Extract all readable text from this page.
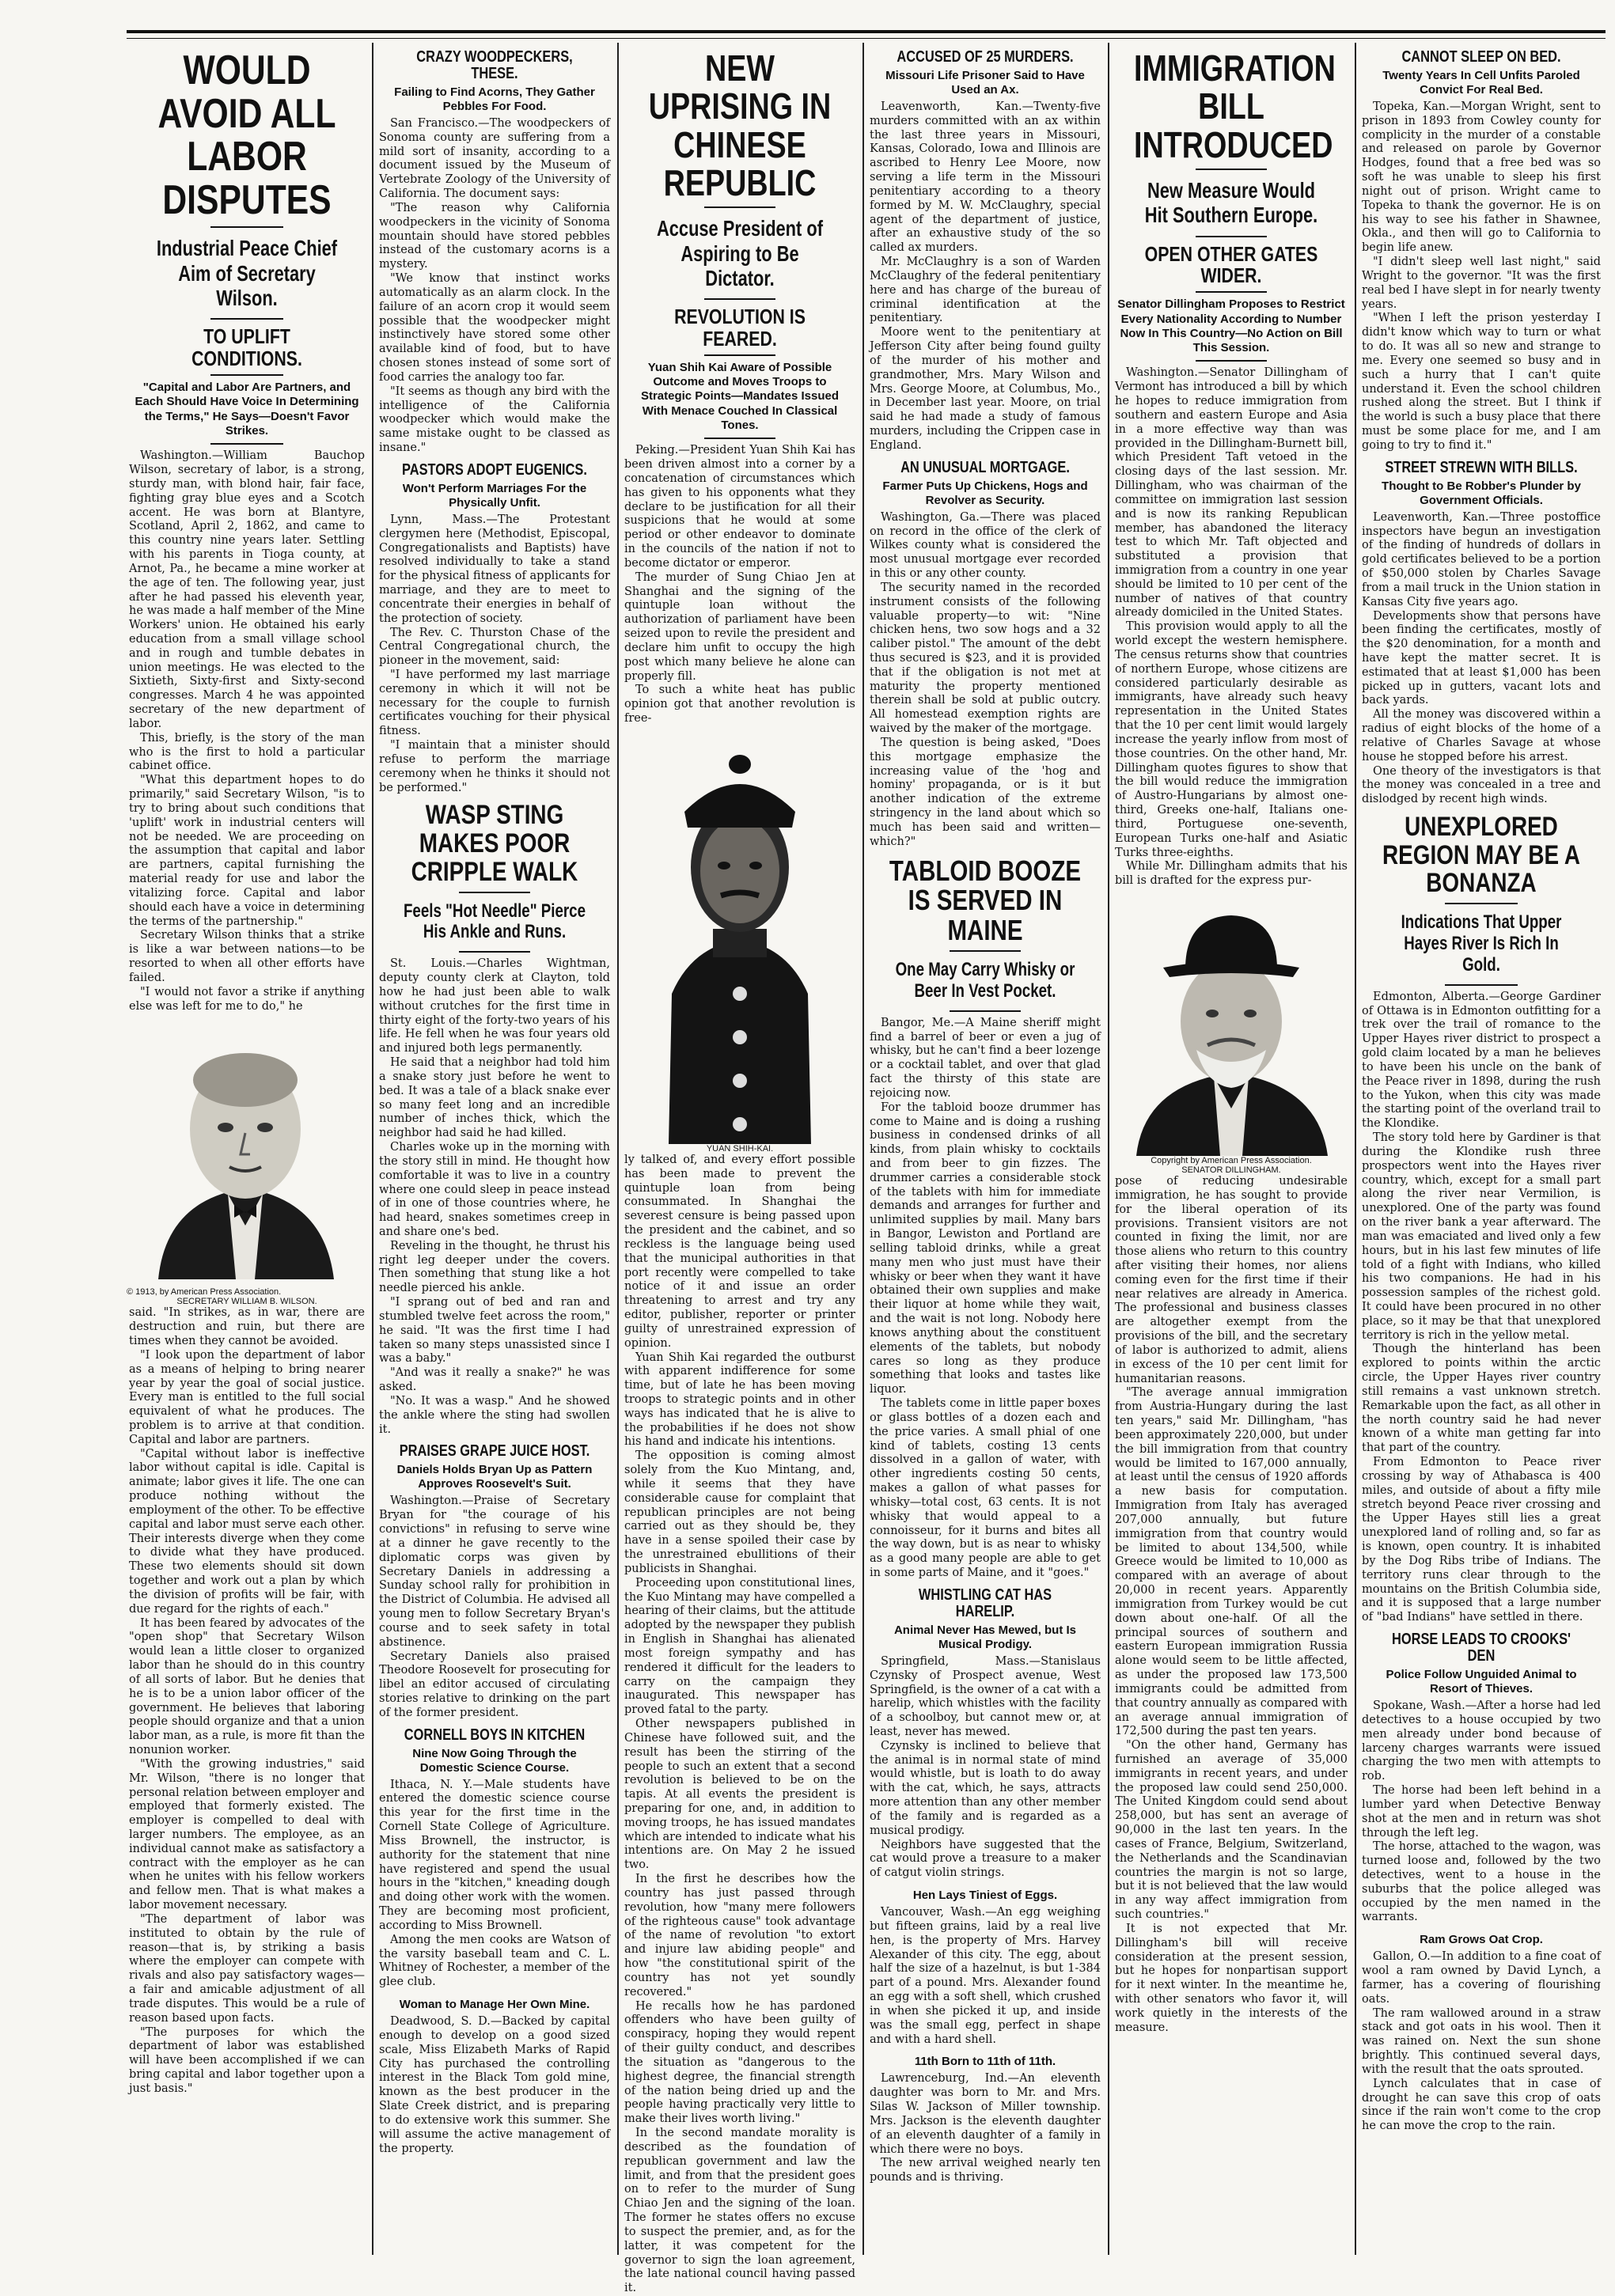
WOULD AVOID ALL LABOR DISPUTES
Industrial Peace Chief Aim of Secretary Wilson.
TO UPLIFT CONDITIONS.
"Capital and Labor Are Partners, and Each Should Have Voice In Determining the Terms," He Says—Doesn't Favor Strikes.

Washington.—William Bauchop Wilson, secretary of labor, is a strong, sturdy man, with blond hair, fair face, fighting gray blue eyes and a Scotch accent. He was born at Blantyre, Scotland, April 2, 1862, and came to this country nine years later. Settling with his parents in Tioga county, at Arnot, Pa., he became a mine worker at the age of ten. The following year, just after he had passed his eleventh year, he was made a half member of the Mine Workers' union. He obtained his early education from a small village school and in rough and tumble debates in union meetings. He was elected to the Sixtieth, Sixty-first and Sixty-second congresses. March 4 he was appointed secretary of the new department of labor.

This, briefly, is the story of the man who is the first to hold a particular cabinet office.

"What this department hopes to do primarily," said Secretary Wilson, "is to try to bring about such conditions that 'uplift' work in industrial centers will not be needed. We are proceeding on the assumption that capital and labor are partners, capital furnishing the material ready for use and labor the vitalizing force. Capital and labor should each have a voice in determining the terms of the partnership."

Secretary Wilson thinks that a strike is like a war between nations—to be resorted to when all other efforts have failed.

"I would not favor a strike if anything else was left for me to do," he

© 1913, by American Press Association.
SECRETARY WILLIAM B. WILSON.

said. "In strikes, as in war, there are destruction and ruin, but there are times when they cannot be avoided.

"I look upon the department of labor as a means of helping to bring nearer year by year the goal of social justice. Every man is entitled to the full social equivalent of what he produces. The problem is to arrive at that condition. Capital and labor are partners.

"Capital without labor is ineffective labor without capital is idle. Capital is animate; labor gives it life. The one can produce nothing without the employment of the other. To be effective capital and labor must serve each other. Their interests diverge when they come to divide what they have produced. These two elements should sit down together and work out a plan by which the division of profits will be fair, with due regard for the rights of each."

It has been feared by advocates of the "open shop" that Secretary Wilson would lean a little closer to organized labor than he should do in this country of all sorts of labor. But he denies that he is to be a union labor officer of the government. He believes that laboring people should organize and that a union labor man, as a rule, is more fit than the nonunion worker.

"With the growing industries," said Mr. Wilson, "there is no longer that personal relation between employer and employed that formerly existed. The employer is compelled to deal with larger numbers. The employee, as an individual cannot make as satisfactory a contract with the employer as he can when he unites with his fellow workers and fellow men. That is what makes a labor movement necessary.

"The department of labor was instituted to obtain by the rule of reason—that is, by striking a basis where the employer can compete with rivals and also pay satisfactory wages—a fair and amicable adjustment of all trade disputes. This would be a rule of reason based upon facts.

"The purposes for which the department of labor was established will have been accomplished if we can bring capital and labor together upon a just basis."

CRAZY WOODPECKERS, THESE.
Failing to Find Acorns, They Gather Pebbles For Food.

San Francisco.—The woodpeckers of Sonoma county are suffering from a mild sort of insanity, according to a document issued by the Museum of Vertebrate Zoology of the University of California. The document says:

"The reason why California woodpeckers in the vicinity of Sonoma mountain should have stored pebbles instead of the customary acorns is a mystery.

"We know that instinct works automatically as an alarm clock. In the failure of an acorn crop it would seem possible that the woodpecker might instinctively have stored some other available kind of food, but to have chosen stones instead of some sort of food carries the analogy too far.

"It seems as though any bird with the intelligence of the California woodpecker which would make the same mistake ought to be classed as insane."

PASTORS ADOPT EUGENICS.
Won't Perform Marriages For the Physically Unfit.

Lynn, Mass.—The Protestant clergymen here (Methodist, Episcopal, Congregationalists and Baptists) have resolved individually to take a stand for the physical fitness of applicants for marriage, and they are to meet to concentrate their energies in behalf of the protection of society.

The Rev. C. Thurston Chase of the Central Congregational church, the pioneer in the movement, said:

"I have performed my last marriage ceremony in which it will not be necessary for the couple to furnish certificates vouching for their physical fitness.

"I maintain that a minister should refuse to perform the marriage ceremony when he thinks it should not be performed."

WASP STING MAKES POOR CRIPPLE WALK
Feels "Hot Needle" Pierce His Ankle and Runs.

St. Louis.—Charles Wightman, deputy county clerk at Clayton, told how he had just been able to walk without crutches for the first time in thirty eight of the forty-two years of his life. He fell when he was four years old and injured both legs permanently.

He said that a neighbor had told him a snake story just before he went to bed. It was a tale of a black snake ever so many feet long and an incredible number of inches thick, which the neighbor had said he had killed.

Charles woke up in the morning with the story still in mind. He thought how comfortable it was to live in a country where one could sleep in peace instead of in one of those countries where, he had heard, snakes sometimes creep in and share one's bed.

Reveling in the thought, he thrust his right leg deeper under the covers. Then something that stung like a hot needle pierced his ankle.

"I sprang out of bed and ran and stumbled twelve feet across the room," he said. "It was the first time I had taken so many steps unassisted since I was a baby."

"And was it really a snake?" he was asked.

"No. It was a wasp." And he showed the ankle where the sting had swollen it.

PRAISES GRAPE JUICE HOST.
Daniels Holds Bryan Up as Pattern Approves Roosevelt's Suit.

Washington.—Praise of Secretary Bryan for "the courage of his convictions" in refusing to serve wine at a dinner he gave recently to the diplomatic corps was given by Secretary Daniels in addressing a Sunday school rally for prohibition in the District of Columbia. He advised all young men to follow Secretary Bryan's course and to seek safety in total abstinence.

Secretary Daniels also praised Theodore Roosevelt for prosecuting for libel an editor accused of circulating stories relative to drinking on the part of the former president.

CORNELL BOYS IN KITCHEN
Nine Now Going Through the Domestic Science Course.

Ithaca, N. Y.—Male students have entered the domestic science course this year for the first time in the Cornell State College of Agriculture. Miss Brownell, the instructor, is authority for the statement that nine have registered and spend the usual hours in the "kitchen," kneading dough and doing other work with the women. They are becoming most proficient, according to Miss Brownell.

Among the men cooks are Watson of the varsity baseball team and C. L. Whitney of Rochester, a member of the glee club.

Woman to Manage Her Own Mine.

Deadwood, S. D.—Backed by capital enough to develop on a good sized scale, Miss Elizabeth Marks of Rapid City has purchased the controlling interest in the Black Tom gold mine, known as the best producer in the Slate Creek district, and is preparing to do extensive work this summer. She will assume the active management of the property.

NEW UPRISING IN CHINESE REPUBLIC
Accuse President of Aspiring to Be Dictator.
REVOLUTION IS FEARED.
Yuan Shih Kai Aware of Possible Outcome and Moves Troops to Strategic Points—Mandates Issued With Menace Couched In Classical Tones.

Peking.—President Yuan Shih Kai has been driven almost into a corner by a concatenation of circumstances which has given to his opponents what they declare to be justification for all their suspicions that he would at some period or other endeavor to dominate in the councils of the nation if not to become dictator or emperor.

The murder of Sung Chiao Jen at Shanghai and the signing of the quintuple loan without the authorization of parliament have been seized upon to revile the president and declare him unfit to occupy the high post which many believe he alone can properly fill.

To such a white heat has public opinion got that another revolution is free-

YUAN SHIH-KAI.

ly talked of, and every effort possible has been made to prevent the quintuple loan from being consummated. In Shanghai the severest censure is being passed upon the president and the cabinet, and so reckless is the language being used that the municipal authorities in that port recently were compelled to take notice of it and issue an order threatening to arrest and try any editor, publisher, reporter or printer guilty of unrestrained expression of opinion.

Yuan Shih Kai regarded the outburst with apparent indifference for some time, but of late he has been moving troops to strategic points and in other ways has indicated that he is alive to the probabilities if he does not show his hand and indicate his intentions.

The opposition is coming almost solely from the Kuo Mintang, and, while it seems that they have considerable cause for complaint that republican principles are not being carried out as they should be, they have in a sense spoiled their case by the unrestrained ebullitions of their publicists in Shanghai.

Proceeding upon constitutional lines, the Kuo Mintang may have compelled a hearing of their claims, but the attitude adopted by the newspaper they publish in English in Shanghai has alienated most foreign sympathy and has rendered it difficult for the leaders to carry on the campaign they inaugurated. This newspaper has proved fatal to the party.

Other newspapers published in Chinese have followed suit, and the result has been the stirring of the people to such an extent that a second revolution is believed to be on the tapis. At all events the president is preparing for one, and, in addition to moving troops, he has issued mandates which are intended to indicate what his intentions are. On May 2 he issued two.

In the first he describes how the country has just passed through revolution, how "many mere followers of the righteous cause" took advantage of the name of revolution "to extort and injure law abiding people" and how "the constitutional spirit of the country has not yet soundly recovered."

He recalls how he has pardoned offenders who have been guilty of conspiracy, hoping they would repent of their guilty conduct, and describes the situation as "dangerous to the highest degree, the financial strength of the nation being dried up and the people having practically very little to make their lives worth living."

In the second mandate morality is described as the foundation of republican government and law the limit, and from that the president goes on to refer to the murder of Sung Chiao Jen and the signing of the loan. The former he states offers no excuse to suspect the premier, and, as for the latter, it was competent for the governor to sign the loan agreement, the late national council having passed it.

ACCUSED OF 25 MURDERS.
Missouri Life Prisoner Said to Have Used an Ax.

Leavenworth, Kan.—Twenty-five murders committed with an ax within the last three years in Missouri, Kansas, Colorado, Iowa and Illinois are ascribed to Henry Lee Moore, now serving a life term in the Missouri penitentiary according to a theory formed by M. W. McClaughry, special agent of the department of justice, after an exhaustive study of the so called ax murders.

Mr. McClaughry is a son of Warden McClaughry of the federal penitentiary here and has charge of the bureau of criminal identification at the penitentiary.

Moore went to the penitentiary at Jefferson City after being found guilty of the murder of his mother and grandmother, Mrs. Mary Wilson and Mrs. George Moore, at Columbus, Mo., in December last year. Moore, on trial said he had made a study of famous murders, including the Crippen case in England.

AN UNUSUAL MORTGAGE.
Farmer Puts Up Chickens, Hogs and Revolver as Security.

Washington, Ga.—There was placed on record in the office of the clerk of Wilkes county what is considered the most unusual mortgage ever recorded in this or any other county.

The security named in the recorded instrument consists of the following valuable property—to wit: "Nine chicken hens, two sow hogs and a 32 caliber pistol." The amount of the debt thus secured is $23, and it is provided that if the obligation is not met at maturity the property mentioned therein shall be sold at public outcry. All homestead exemption rights are waived by the maker of the mortgage.

The question is being asked, "Does this mortgage emphasize the increasing value of the 'hog and hominy' propaganda, or is it but another indication of the extreme stringency in the land about which so much has been said and written—which?"

TABLOID BOOZE IS SERVED IN MAINE
One May Carry Whisky or Beer In Vest Pocket.

Bangor, Me.—A Maine sheriff might find a barrel of beer or even a jug of whisky, but he can't find a beer lozenge or a cocktail tablet, and over that glad fact the thirsty of this state are rejoicing now.

For the tabloid booze drummer has come to Maine and is doing a rushing business in condensed drinks of all kinds, from plain whisky to cocktails and from beer to gin fizzes. The drummer carries a considerable stock of the tablets with him for immediate demands and arranges for further and unlimited supplies by mail. Many bars in Bangor, Lewiston and Portland are selling tabloid drinks, while a great many men who just must have their whisky or beer when they want it have obtained their own supplies and make their liquor at home while they wait, and the wait is not long. Nobody here knows anything about the constituent elements of the tablets, but nobody cares so long as they produce something that looks and tastes like liquor.

The tablets come in little paper boxes or glass bottles of a dozen each and the price varies. A small phial of one kind of tablets, costing 13 cents dissolved in a gallon of water, with other ingredients costing 50 cents, makes a gallon of what passes for whisky—total cost, 63 cents. It is not whisky that would appeal to a connoisseur, for it burns and bites all the way down, but is as near to whisky as a good many people are able to get in some parts of Maine, and it "goes."

WHISTLING CAT HAS HARELIP.
Animal Never Has Mewed, but Is Musical Prodigy.

Springfield, Mass.—Stanislaus Czynsky of Prospect avenue, West Springfield, is the owner of a cat with a harelip, which whistles with the facility of a schoolboy, but cannot mew or, at least, never has mewed.

Czynsky is inclined to believe that the animal is in normal state of mind would whistle, but is loath to do away with the cat, which, he says, attracts more attention than any other member of the family and is regarded as a musical prodigy.

Neighbors have suggested that the cat would prove a treasure to a maker of catgut violin strings.

Hen Lays Tiniest of Eggs.

Vancouver, Wash.—An egg weighing but fifteen grains, laid by a real live hen, is the property of Mrs. Harvey Alexander of this city. The egg, about half the size of a hazelnut, is but 1-384 part of a pound. Mrs. Alexander found an egg with a soft shell, which crushed in when she picked it up, and inside was the small egg, perfect in shape and with a hard shell.

11th Born to 11th of 11th.

Lawrenceburg, Ind.—An eleventh daughter was born to Mr. and Mrs. Silas W. Jackson of Miller township. Mrs. Jackson is the eleventh daughter of an eleventh daughter of a family in which there were no boys.

The new arrival weighed nearly ten pounds and is thriving.

IMMIGRATION BILL INTRODUCED
New Measure Would Hit Southern Europe.
OPEN OTHER GATES WIDER.
Senator Dillingham Proposes to Restrict Every Nationality According to Number Now In This Country—No Action on Bill This Session.

Washington.—Senator Dillingham of Vermont has introduced a bill by which he hopes to reduce immigration from southern and eastern Europe and Asia in a more effective way than was provided in the Dillingham-Burnett bill, which President Taft vetoed in the closing days of the last session. Mr. Dillingham, who was chairman of the committee on immigration last session and is now its ranking Republican member, has abandoned the literacy test to which Mr. Taft objected and substituted a provision that immigration from a country in one year should be limited to 10 per cent of the number of natives of that country already domiciled in the United States.

This provision would apply to all the world except the western hemisphere. The census returns show that countries of northern Europe, whose citizens are considered particularly desirable as immigrants, have already such heavy representation in the United States that the 10 per cent limit would largely increase the yearly inflow from most of those countries. On the other hand, Mr. Dillingham quotes figures to show that the bill would reduce the immigration of Austro-Hungarians by almost one-third, Greeks one-half, Italians one-third, Portuguese one-seventh, European Turks one-half and Asiatic Turks three-eighths.

While Mr. Dillingham admits that his bill is drafted for the express pur-

Copyright by American Press Association.
SENATOR DILLINGHAM.

pose of reducing undesirable immigration, he has sought to provide for the liberal operation of its provisions. Transient visitors are not counted in fixing the limit, nor are those aliens who return to this country after visiting their homes, nor aliens coming even for the first time if their near relatives are already in America. The professional and business classes are altogether exempt from the provisions of the bill, and the secretary of labor is authorized to admit, aliens in excess of the 10 per cent limit for humanitarian reasons.

"The average annual immigration from Austria-Hungary during the last ten years," said Mr. Dillingham, "has been approximately 220,000, but under the bill immigration from that country would be limited to 167,000 annually, at least until the census of 1920 affords a new basis for computation. Immigration from Italy has averaged 207,000 annually, but future immigration from that country would be limited to about 134,500, while Greece would be limited to 10,000 as compared with an average of about 20,000 in recent years. Apparently immigration from Turkey would be cut down about one-half. Of all the principal sources of southern and eastern European immigration Russia alone would seem to be little affected, as under the proposed law 173,500 immigrants could be admitted from that country annually as compared with an average annual immigration of 172,500 during the past ten years.

"On the other hand, Germany has furnished an average of 35,000 immigrants in recent years, and under the proposed law could send 250,000. The United Kingdom could send about 258,000, but has sent an average of 90,000 in the last ten years. In the cases of France, Belgium, Switzerland, the Netherlands and the Scandinavian countries the margin is not so large, but it is not believed that the law would in any way affect immigration from such countries."

It is not expected that Mr. Dillingham's bill will receive consideration at the present session, but he hopes for nonpartisan support for it next winter. In the meantime he, with other senators who favor it, will work quietly in the interests of the measure.

CANNOT SLEEP ON BED.
Twenty Years In Cell Unfits Paroled Convict For Real Bed.

Topeka, Kan.—Morgan Wright, sent to prison in 1893 from Cowley county for complicity in the murder of a constable and released on parole by Governor Hodges, found that a free bed was so soft he was unable to sleep his first night out of prison. Wright came to Topeka to thank the governor. He is on his way to see his father in Shawnee, Okla., and then will go to California to begin life anew.

"I didn't sleep well last night," said Wright to the governor. "It was the first real bed I have slept in for nearly twenty years.

"When I left the prison yesterday I didn't know which way to turn or what to do. It was all so new and strange to me. Every one seemed so busy and in such a hurry that I can't quite understand it. Even the school children rushed along the street. But I think if the world is such a busy place that there must be some place for me, and I am going to try to find it."

STREET STREWN WITH BILLS.
Thought to Be Robber's Plunder by Government Officials.

Leavenworth, Kan.—Three postoffice inspectors have begun an investigation of the finding of hundreds of dollars in gold certificates believed to be a portion of $50,000 stolen by Charles Savage from a mail truck in the Union station in Kansas City five years ago.

Developments show that persons have been finding the certificates, mostly of the $20 denomination, for a month and have kept the matter secret. It is estimated that at least $1,000 has been picked up in gutters, vacant lots and back yards.

All the money was discovered within a radius of eight blocks of the home of a relative of Charles Savage at whose house he stopped before his arrest.

One theory of the investigators is that the money was concealed in a tree and dislodged by recent high winds.

UNEXPLORED REGION MAY BE A BONANZA
Indications That Upper Hayes River Is Rich In Gold.

Edmonton, Alberta.—George Gardiner of Ottawa is in Edmonton outfitting for a trek over the trail of romance to the Upper Hayes river district to prospect a gold claim located by a man he believes to have been his uncle on the bank of the Peace river in 1898, during the rush to the Yukon, when this city was made the starting point of the overland trail to the Klondike.

The story told here by Gardiner is that during the Klondike rush three prospectors went into the Hayes river country, which, except for a small part along the river near Vermilion, is unexplored. One of the party was found on the river bank a year afterward. The man was emaciated and lived only a few hours, but in his last few minutes of life told of a fight with Indians, who killed his two companions. He had in his possession samples of the richest gold. It could have been procured in no other place, so it may be that that unexplored territory is rich in the yellow metal.

Though the hinterland has been explored to points within the arctic circle, the Upper Hayes river country still remains a vast unknown stretch. Remarkable upon the fact, as all other in the north country said he had never known of a white man getting far into that part of the country.

From Edmonton to Peace river crossing by way of Athabasca is 400 miles, and outside of about a fifty mile stretch beyond Peace river crossing and the Upper Hayes still lies a great unexplored land of rolling and, so far as is known, open country. It is inhabited by the Dog Ribs tribe of Indians. The territory runs clear through to the mountains on the British Columbia side, and it is supposed that a large number of "bad Indians" have settled in there.

HORSE LEADS TO CROOKS' DEN
Police Follow Unguided Animal to Resort of Thieves.

Spokane, Wash.—After a horse had led detectives to a house occupied by two men already under bond because of larceny charges warrants were issued charging the two men with attempts to rob.

The horse had been left behind in a lumber yard when Detective Benway shot at the men and in return was shot through the left leg.

The horse, attached to the wagon, was turned loose and, followed by the two detectives, went to a house in the suburbs that the police alleged was occupied by the men named in the warrants.

Ram Grows Oat Crop.

Gallon, O.—In addition to a fine coat of wool a ram owned by David Lynch, a farmer, has a covering of flourishing oats.

The ram wallowed around in a straw stack and got oats in his wool. Then it was rained on. Next the sun shone brightly. This continued several days, with the result that the oats sprouted.

Lynch calculates that in case of drought he can save this crop of oats since if the rain won't come to the crop he can move the crop to the rain.
